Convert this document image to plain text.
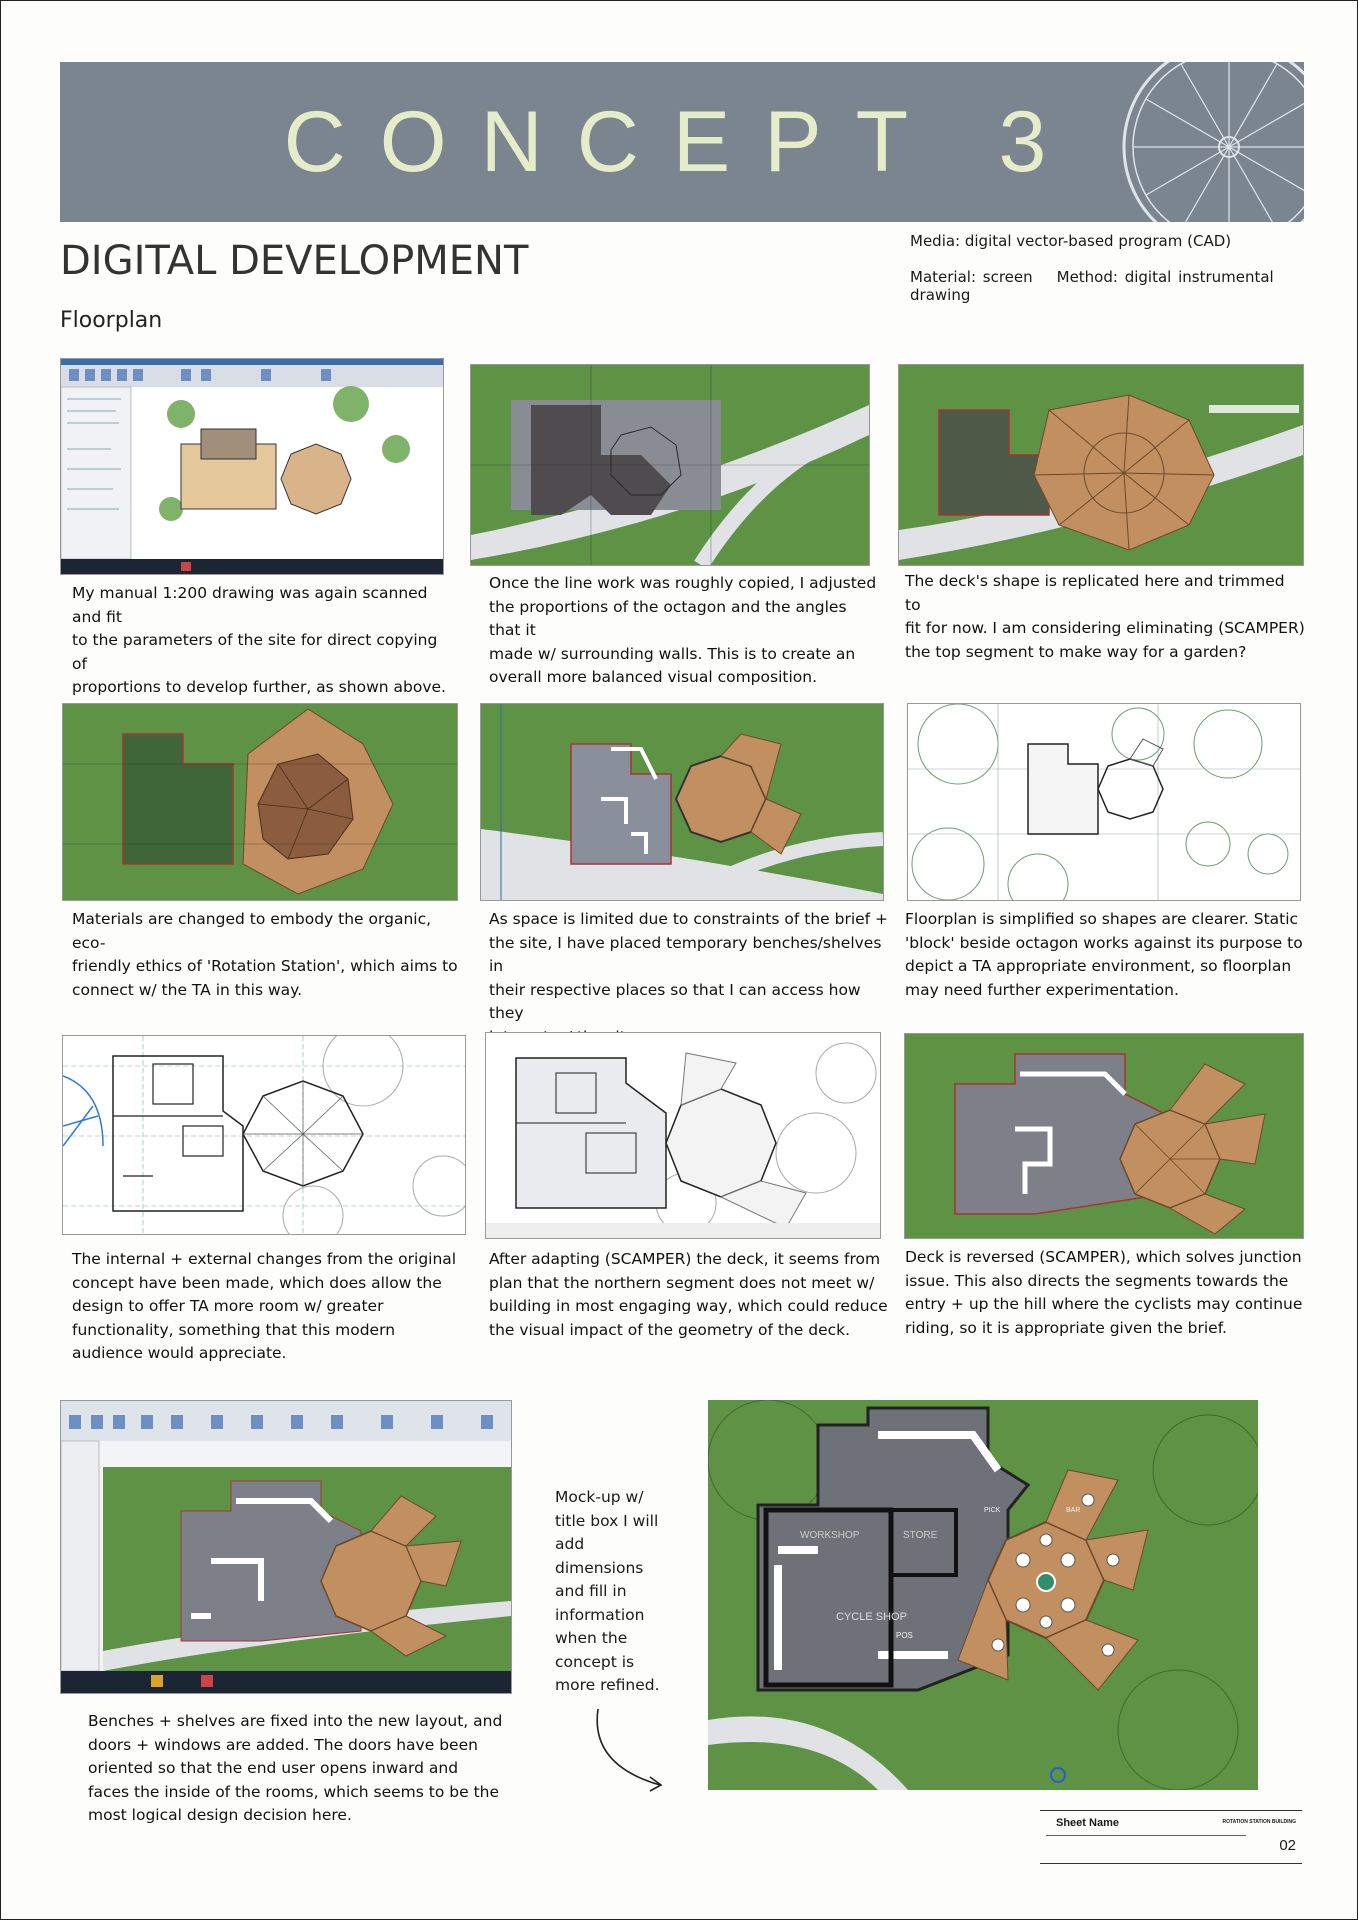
CONCEPT 3
DIGITAL DEVELOPMENT
Floorplan
Media: digital vector-based program (CAD)
Material: screen Method: digital instrumental drawing
My manual 1:200 drawing was again scanned and fit
to the parameters of the site for direct copying of
proportions to develop further, as shown above.
Once the line work was roughly copied, I adjusted
the proportions of the octagon and the angles that it
made w/ surrounding walls. This is to create an
overall more balanced visual composition.
The deck's shape is replicated here and trimmed to
fit for now. I am considering eliminating (SCAMPER)
the top segment to make way for a garden?
Materials are changed to embody the organic, eco-
friendly ethics of 'Rotation Station', which aims to
connect w/ the TA in this way.
As space is limited due to constraints of the brief +
the site, I have placed temporary benches/shelves in
their respective places so that I can access how they
Floorplan is simplified so shapes are clearer. Static
'block' beside octagon works against its purpose to
depict a TA appropriate environment, so floorplan
may need further experimentation.
The internal + external changes from the original
concept have been made, which does allow the
design to offer TA more room w/ greater
functionality, something that this modern
audience would appreciate.
After adapting (SCAMPER) the deck, it seems from
plan that the northern segment does not meet w/
building in most engaging way, which could reduce
the visual impact of the geometry of the deck.
Deck is reversed (SCAMPER), which solves junction
issue. This also directs the segments towards the
entry + up the hill where the cyclists may continue
riding, so it is appropriate given the brief.
Benches + shelves are fixed into the new layout, and
doors + windows are added. The doors have been
oriented so that the end user opens inward and
faces the inside of the rooms, which seems to be the
most logical design decision here.
Mock-up w/
title box I will
add
dimensions
and fill in
information
when the
concept is
more refined.
WORKSHOP	STORE
CYCLE SHOP
POS
PICK	BAR
Sheet Name	ROTATION STATION BUILDING
02
